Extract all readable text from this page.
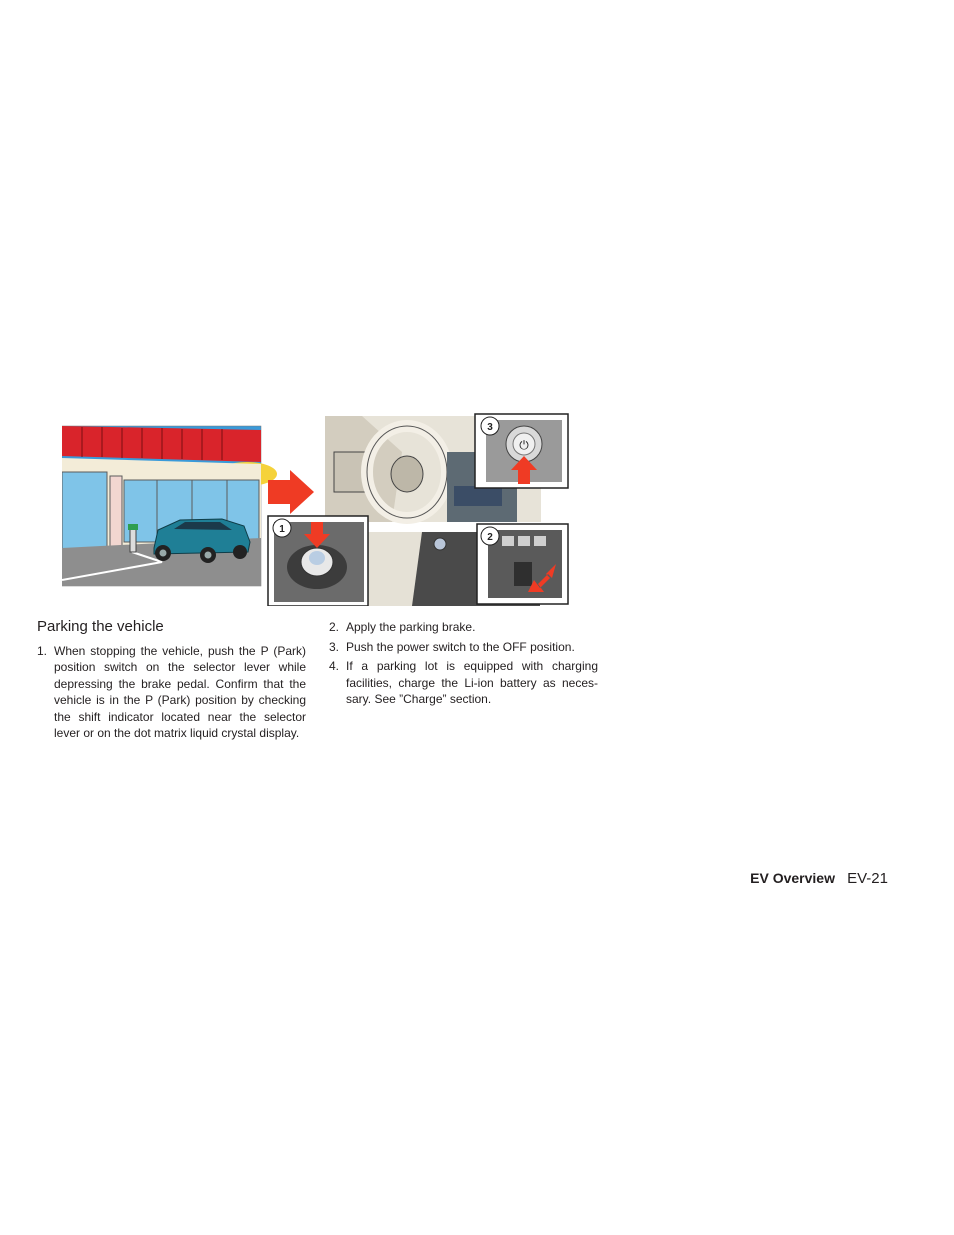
1
⏻
3
2
Parking the vehicle
1. When stopping the vehicle, push the P (Park) position switch on the selector lever while depressing the brake pedal. Confirm that the vehicle is in the P (Park) position by checking the shift indicator located near the selector lever or on the dot matrix liquid crystal display.
2. Apply the parking brake.
3. Push the power switch to the OFF position.
4. If a parking lot is equipped with charging facilities, charge the Li-ion battery as neces-sary. See ”Charge” section.
EV Overview EV-21
